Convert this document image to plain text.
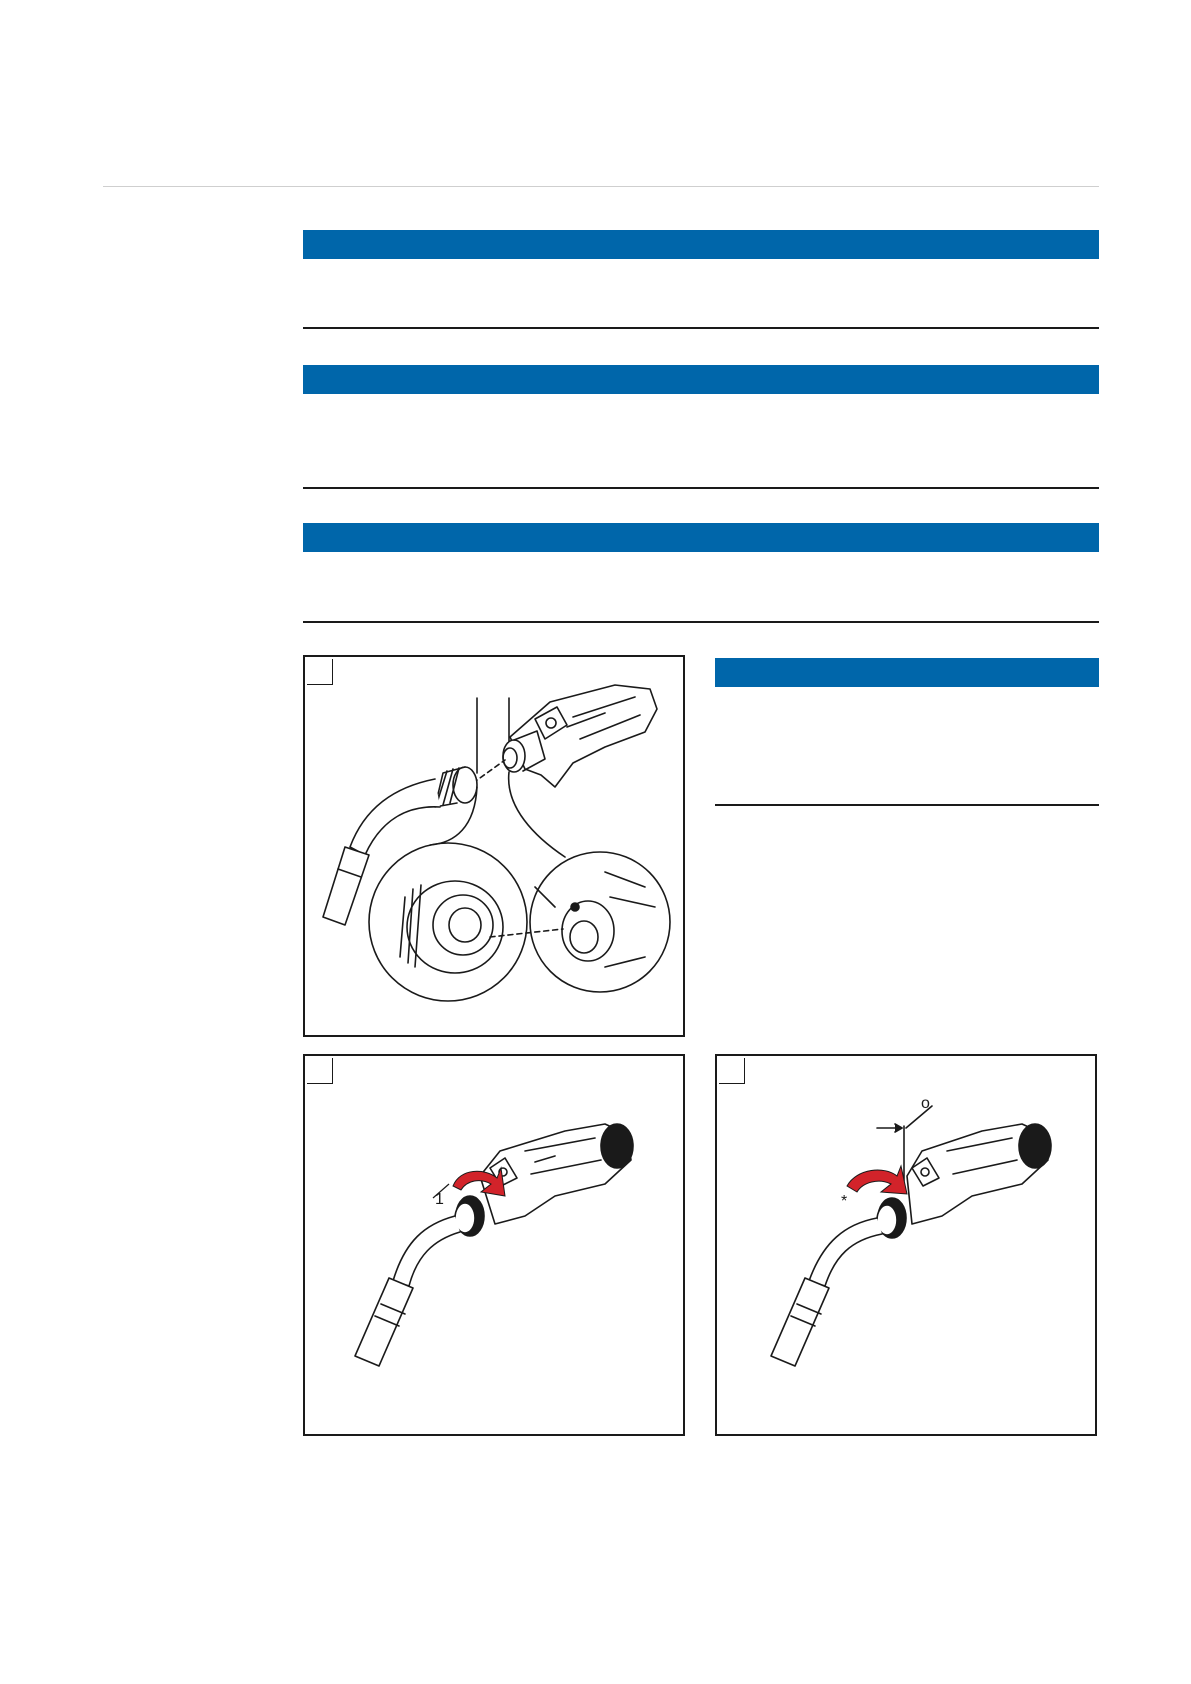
1	*
o
